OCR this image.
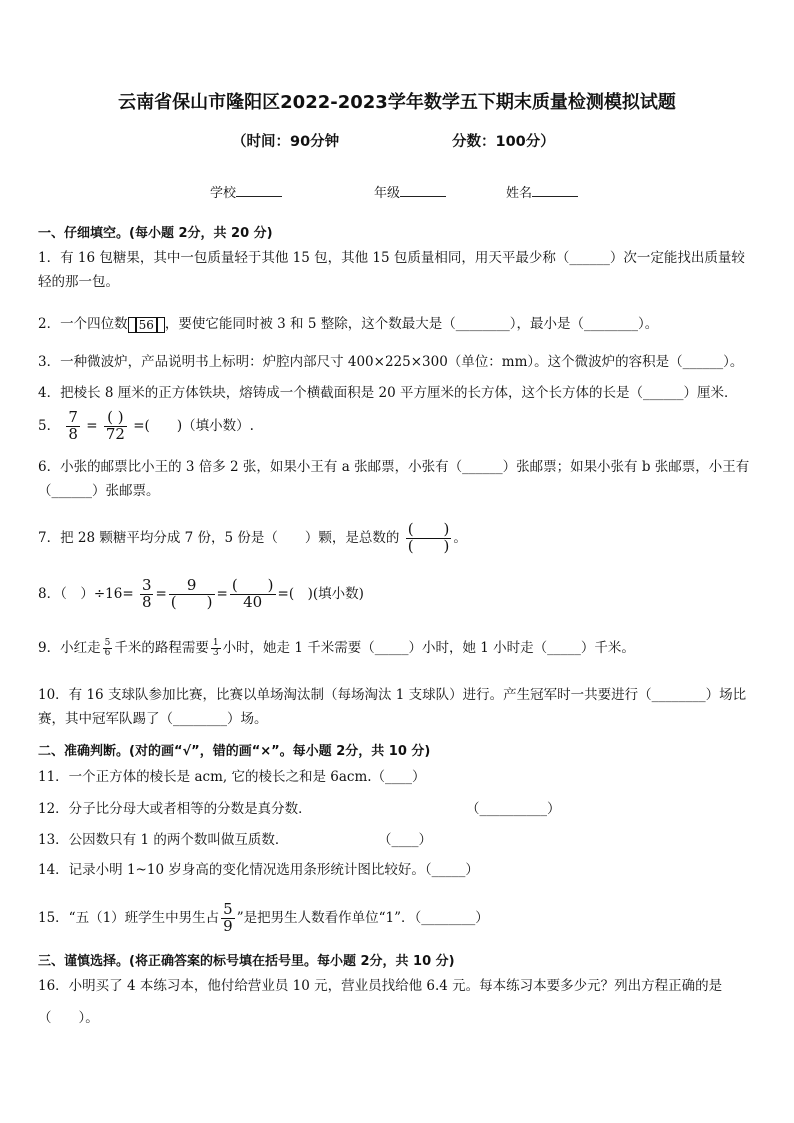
云南省保山市隆阳区2022-2023学年数学五下期末质量检测模拟试题
（时间：90分钟	分数：100分）
学校	年级	姓名
一、仔细填空。(每小题 2分，共 20 分)
1．有 16 包糖果，其中一包质量轻于其他 15 包，其他 15 包质量相同，用天平最少称（______）次一定能找出质量较轻的那一包。
2．一个四位数 56 ，要使它能同时被 3 和 5 整除，这个数最大是（________），最小是（________）。
3．一种微波炉，产品说明书上标明：炉腔内部尺寸 400×225×300（单位：mm）。这个微波炉的容积是（______）。
4．把棱长 8 厘米的正方体铁块，熔铸成一个横截面积是 20 平方厘米的长方体，这个长方体的长是（______）厘米．
5． $\frac{7}{8} = \frac{( )}{72}$ =(　　)（填小数）.
6．小张的邮票比小王的 3 倍多 2 张，如果小王有 a 张邮票，小张有（______）张邮票；如果小张有 b 张邮票，小王有（______）张邮票。
7．把 28 颗糖平均分成 7 份，5 份是（　　）颗，是总数的 $\frac{( )}{( )}$ 。
8．（　）$\div 16= \frac{3}{8} = \frac{9}{( )} = \frac{( )}{40}$ =(　)(填小数)
9．小红走 $\frac{5}{6}$ 千米的路程需要 $\frac{1}{3}$ 小时，她走 1 千米需要（_____）小时，她 1 小时走（_____）千米。
10．有 16 支球队参加比赛，比赛以单场淘汰制（每场淘汰 1 支球队）进行。产生冠军时一共要进行（________）场比赛，其中冠军队踢了（________）场。
二、准确判断。(对的画“√”，错的画“×”。每小题 2分，共 10 分)
11．一个正方体的棱长是 acm, 它的棱长之和是 6acm.（____）
12．分子比分母大或者相等的分数是真分数．	（__________）
13．公因数只有 1 的两个数叫做互质数．	（____）
14．记录小明 1~10 岁身高的变化情况选用条形统计图比较好。（_____）
15．“五（1）班学生中男生占 $\frac{5}{9}$ ”是把男生人数看作单位“1”．（________）
三、谨慎选择。(将正确答案的标号填在括号里。每小题 2分，共 10 分)
16．小明买了 4 本练习本，他付给营业员 10 元，营业员找给他 6.4 元。每本练习本要多少元？列出方程正确的是
（　　）。
